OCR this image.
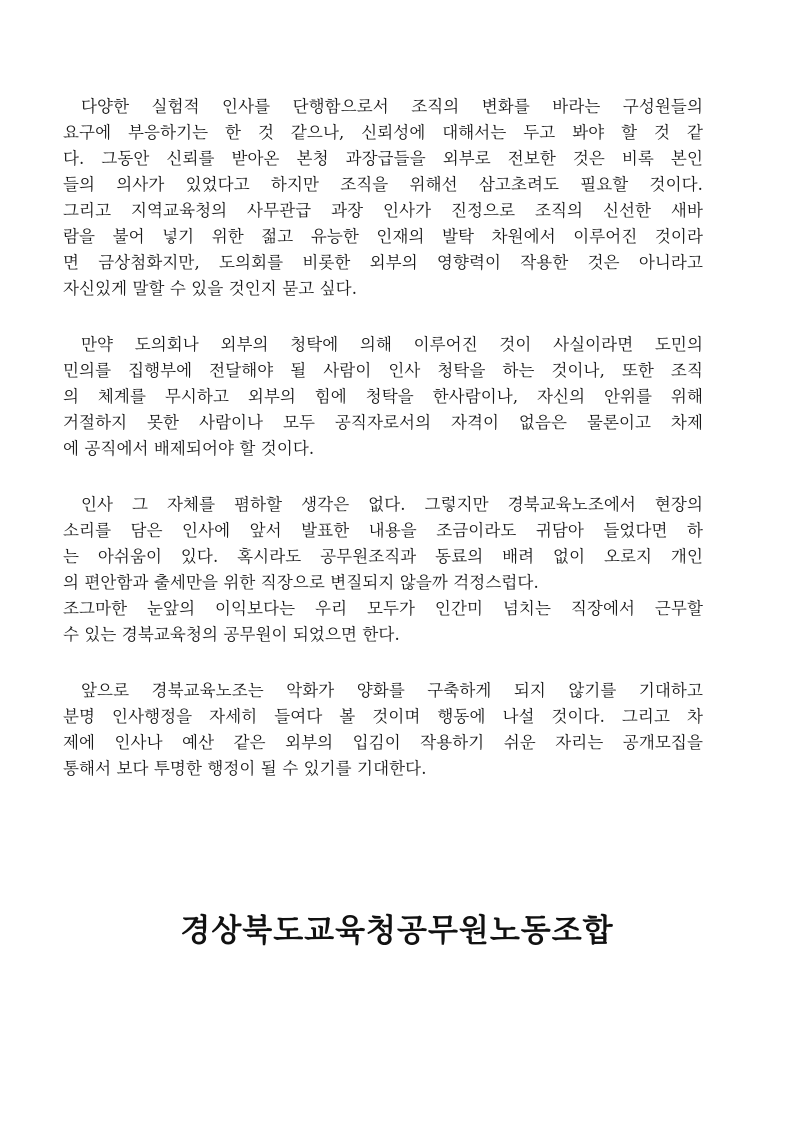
다양한 실험적 인사를 단행함으로서 조직의 변화를 바라는 구성원들의
요구에 부응하기는 한 것 같으나, 신뢰성에 대해서는 두고 봐야 할 것 같
다. 그동안 신뢰를 받아온 본청 과장급들을 외부로 전보한 것은 비록 본인
들의 의사가 있었다고 하지만 조직을 위해선 삼고초려도 필요할 것이다.
그리고 지역교육청의 사무관급 과장 인사가 진정으로 조직의 신선한 새바
람을 불어 넣기 위한 젊고 유능한 인재의 발탁 차원에서 이루어진 것이라
면 금상첨화지만, 도의회를 비롯한 외부의 영향력이 작용한 것은 아니라고
자신있게 말할 수 있을 것인지 묻고 싶다.

만약 도의회나 외부의 청탁에 의해 이루어진 것이 사실이라면 도민의
민의를 집행부에 전달해야 될 사람이 인사 청탁을 하는 것이나, 또한 조직
의 체계를 무시하고 외부의 힘에 청탁을 한사람이나, 자신의 안위를 위해
거절하지 못한 사람이나 모두 공직자로서의 자격이 없음은 물론이고 차제
에 공직에서 배제되어야 할 것이다.

인사 그 자체를 폄하할 생각은 없다. 그렇지만 경북교육노조에서 현장의
소리를 담은 인사에 앞서 발표한 내용을 조금이라도 귀담아 들었다면 하
는 아쉬움이 있다. 혹시라도 공무원조직과 동료의 배려 없이 오로지 개인
의 편안함과 출세만을 위한 직장으로 변질되지 않을까 걱정스럽다.
조그마한 눈앞의 이익보다는 우리 모두가 인간미 넘치는 직장에서 근무할
수 있는 경북교육청의 공무원이 되었으면 한다.

앞으로 경북교육노조는 악화가 양화를 구축하게 되지 않기를 기대하고
분명 인사행정을 자세히 들여다 볼 것이며 행동에 나설 것이다. 그리고 차
제에 인사나 예산 같은 외부의 입김이 작용하기 쉬운 자리는 공개모집을
통해서 보다 투명한 행정이 될 수 있기를 기대한다.

경상북도교육청공무원노동조합
